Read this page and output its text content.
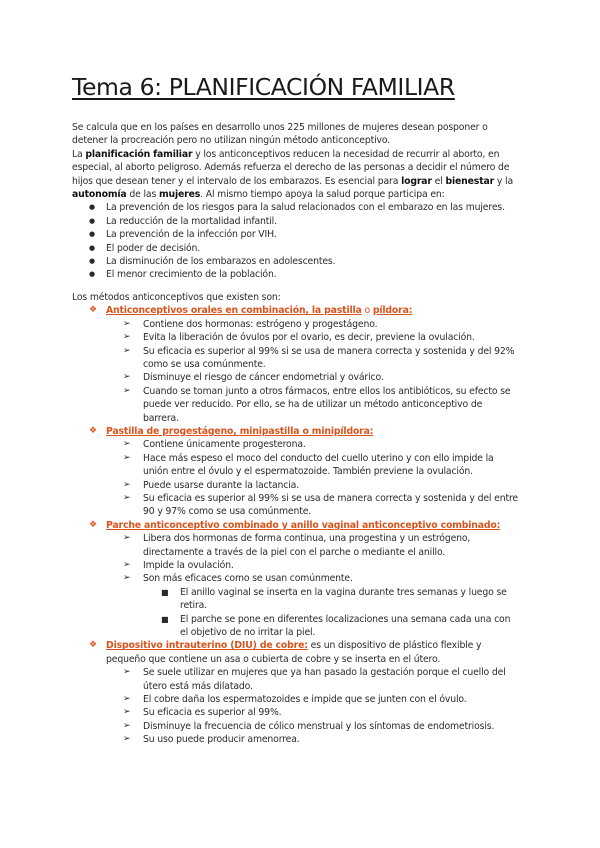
Tema 6: PLANIFICACIÓN FAMILIAR

Se calcula que en los países en desarrollo unos 225 millones de mujeres desean posponer o detener la procreación pero no utilizan ningún método anticonceptivo.

La planificación familiar y los anticonceptivos reducen la necesidad de recurrir al aborto, en especial, al aborto peligroso. Además refuerza el derecho de las personas a decidir el número de hijos que desean tener y el intervalo de los embarazos. Es esencial para lograr el bienestar y la autonomía de las mujeres. Al mismo tiempo apoya la salud porque participa en:

● La prevención de los riesgos para la salud relacionados con el embarazo en las mujeres.
● La reducción de la mortalidad infantil.
● La prevención de la infección por VIH.
● El poder de decisión.
● La disminución de los embarazos en adolescentes.
● El menor crecimiento de la población.

Los métodos anticonceptivos que existen son:

❖ Anticonceptivos orales en combinación, la pastilla o píldora:
➢ Contiene dos hormonas: estrógeno y progestágeno.
➢ Evita la liberación de óvulos por el ovario, es decir, previene la ovulación.
➢ Su eficacia es superior al 99% si se usa de manera correcta y sostenida y del 92% como se usa comúnmente.
➢ Disminuye el riesgo de cáncer endometrial y ovárico.
➢ Cuando se toman junto a otros fármacos, entre ellos los antibióticos, su efecto se puede ver reducido. Por ello, se ha de utilizar un método anticonceptivo de barrera.
❖ Pastilla de progestágeno, minipastilla o minipíldora:
➢ Contiene únicamente progesterona.
➢ Hace más espeso el moco del conducto del cuello uterino y con ello impide la unión entre el óvulo y el espermatozoide. También previene la ovulación.
➢ Puede usarse durante la lactancia.
➢ Su eficacia es superior al 99% si se usa de manera correcta y sostenida y del entre 90 y 97% como se usa comúnmente.
❖ Parche anticonceptivo combinado y anillo vaginal anticonceptivo combinado:
➢ Libera dos hormonas de forma continua, una progestina y un estrógeno, directamente a través de la piel con el parche o mediante el anillo.
➢ Impide la ovulación.
➢ Son más eficaces como se usan comúnmente.
■ El anillo vaginal se inserta en la vagina durante tres semanas y luego se retira.
■ El parche se pone en diferentes localizaciones una semana cada una con el objetivo de no irritar la piel.
❖ Dispositivo intrauterino (DIU) de cobre: es un dispositivo de plástico flexible y pequeño que contiene un asa o cubierta de cobre y se inserta en el útero.
➢ Se suele utilizar en mujeres que ya han pasado la gestación porque el cuello del útero está más dilatado.
➢ El cobre daña los espermatozoides e impide que se junten con el óvulo.
➢ Su eficacia es superior al 99%.
➢ Disminuye la frecuencia de cólico menstrual y los síntomas de endometriosis.
➢ Su uso puede producir amenorrea.
